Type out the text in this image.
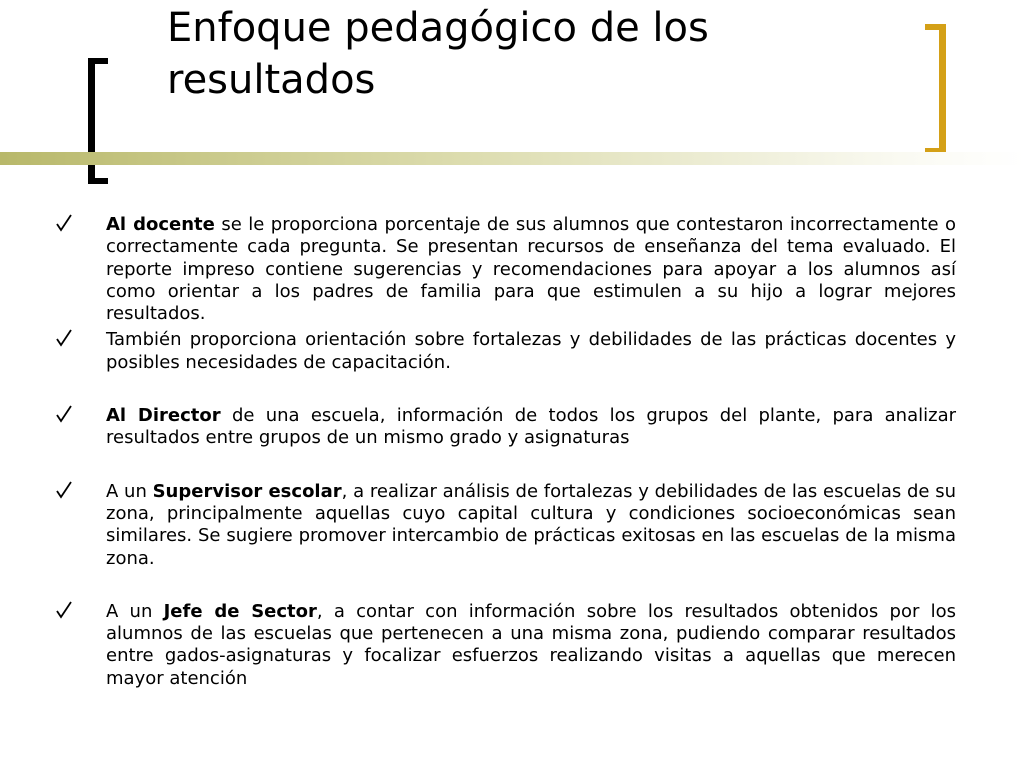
Enfoque pedagógico de los resultados
Al docente se le proporciona porcentaje de sus alumnos que contestaron incorrectamente o correctamente cada pregunta. Se presentan recursos de enseñanza del tema evaluado. El reporte impreso contiene sugerencias y recomendaciones para apoyar a los alumnos así como orientar a los padres de familia para que estimulen a su hijo a lograr mejores resultados.
También proporciona orientación sobre fortalezas y debilidades de las prácticas docentes y posibles necesidades de capacitación.
Al Director de una escuela, información de todos los grupos del plante, para analizar resultados entre grupos de un mismo grado y asignaturas
A un Supervisor escolar, a realizar análisis de fortalezas y debilidades de las escuelas de su zona, principalmente aquellas cuyo capital cultura y condiciones socioeconómicas sean similares. Se sugiere promover intercambio de prácticas exitosas en las escuelas de la misma zona.
A un Jefe de Sector, a contar con información sobre los resultados obtenidos por los alumnos de las escuelas que pertenecen a una misma zona, pudiendo comparar resultados entre gados-asignaturas y focalizar esfuerzos realizando visitas a aquellas que merecen mayor atención
